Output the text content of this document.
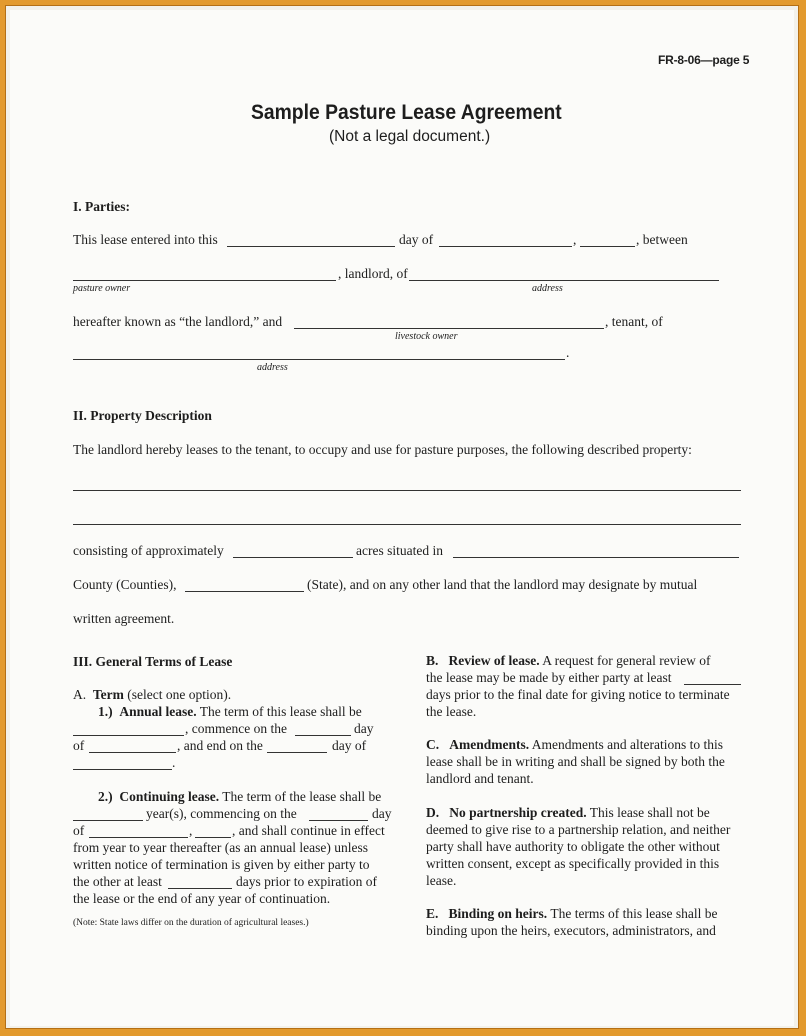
FR-8-06—page 5
Sample Pasture Lease Agreement
(Not a legal document.)
I. Parties:
This lease entered into this	day of	,	, between
, landlord, of
pasture owner	address
hereafter known as “the landlord,” and	, tenant, of
livestock owner
.
address
II. Property Description
The landlord hereby leases to the tenant, to occupy and use for pasture purposes, the following described property:
consisting of approximately	acres situated in
County (Counties),	(State), and on any other land that the landlord may designate by mutual
written agreement.
III. General Terms of Lease
A. Term (select one option).
1.) Annual lease. The term of this lease shall be
, commence on the	day
of	, and end on the	day of
.
2.) Continuing lease. The term of the lease shall be
year(s), commencing on the	day
of	,	, and shall continue in effect
from year to year thereafter (as an annual lease) unless
written notice of termination is given by either party to
the other at least	days prior to expiration of
the lease or the end of any year of continuation.
(Note: State laws differ on the duration of agricultural leases.)
B. Review of lease. A request for general review of
the lease may be made by either party at least
days prior to the final date for giving notice to terminate
the lease.
C. Amendments. Amendments and alterations to this
lease shall be in writing and shall be signed by both the
landlord and tenant.
D. No partnership created. This lease shall not be
deemed to give rise to a partnership relation, and neither
party shall have authority to obligate the other without
written consent, except as specifically provided in this
lease.
E. Binding on heirs. The terms of this lease shall be
binding upon the heirs, executors, administrators, and
